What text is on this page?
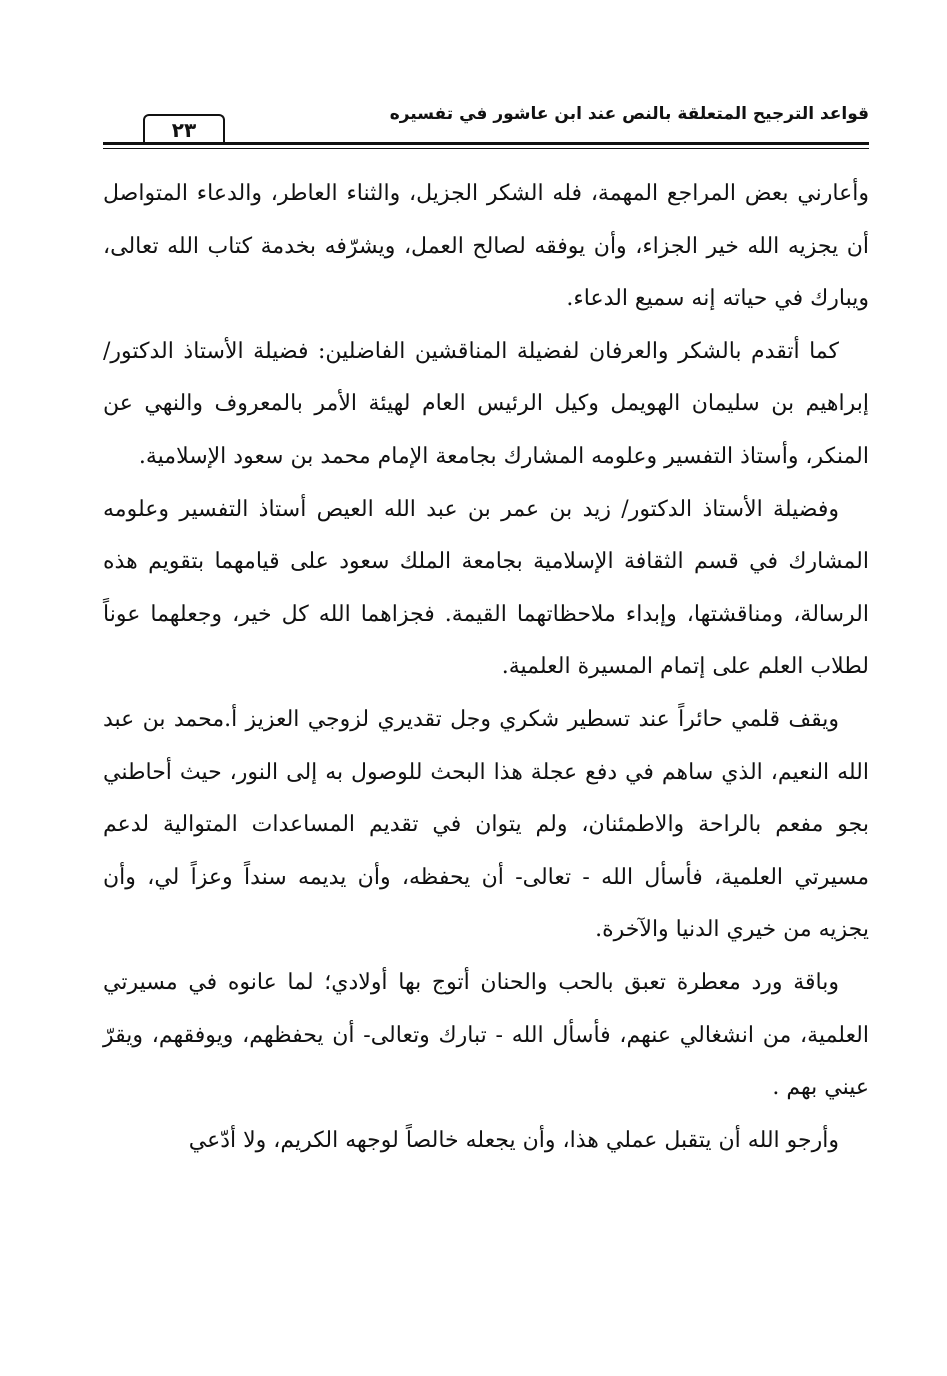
٢٣
قواعد الترجيح المتعلقة بالنص عند ابن عاشور في تفسيره

وأعارني بعض المراجع المهمة، فله الشكر الجزيل، والثناء العاطر، والدعاء المتواصل أن يجزيه الله خير الجزاء، وأن يوفقه لصالح العمل، ويشرّفه بخدمة كتاب الله تعالى، ويبارك في حياته إنه سميع الدعاء.

كما أتقدم بالشكر والعرفان لفضيلة المناقشين الفاضلين: فضيلة الأستاذ الدكتور/ إبراهيم بن سليمان الهويمل وكيل الرئيس العام لهيئة الأمر بالمعروف والنهي عن المنكر، وأستاذ التفسير وعلومه المشارك بجامعة الإمام محمد بن سعود الإسلامية.

وفضيلة الأستاذ الدكتور/ زيد بن عمر بن عبد الله العيص أستاذ التفسير وعلومه المشارك في قسم الثقافة الإسلامية بجامعة الملك سعود على قيامهما بتقويم هذه الرسالة، ومناقشتها، وإبداء ملاحظاتهما القيمة. فجزاهما الله كل خير، وجعلهما عوناً لطلاب العلم على إتمام المسيرة العلمية.

ويقف قلمي حائراً عند تسطير شكري وجل تقديري لزوجي العزيز أ.محمد بن عبد الله النعيم، الذي ساهم في دفع عجلة هذا البحث للوصول به إلى النور، حيث أحاطني بجو مفعم بالراحة والاطمئنان، ولم يتوان في تقديم المساعدات المتوالية لدعم مسيرتي العلمية، فأسأل الله - تعالى- أن يحفظه، وأن يديمه سنداً وعزاً لي، وأن يجزيه من خيري الدنيا والآخرة.

وباقة ورد معطرة تعبق بالحب والحنان أتوج بها أولادي؛ لما عانوه في مسيرتي العلمية، من انشغالي عنهم، فأسأل الله - تبارك وتعالى- أن يحفظهم، ويوفقهم، ويقرّ عيني بهم .

وأرجو الله أن يتقبل عملي هذا، وأن يجعله خالصاً لوجهه الكريم، ولا أدّعي
